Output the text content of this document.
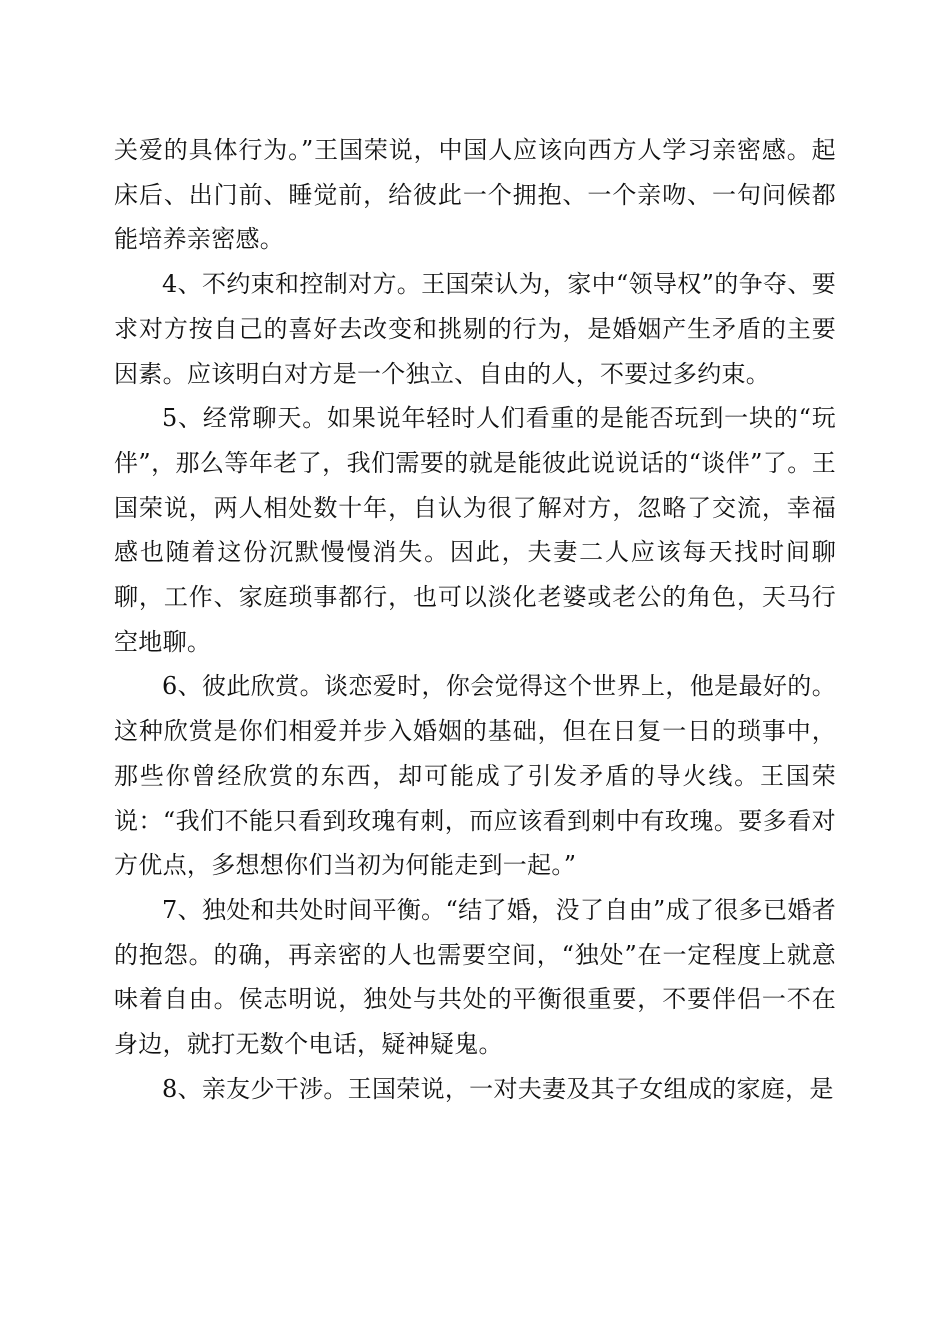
关爱的具体行为。”王国荣说，中国人应该向西方人学习亲密感。起床后、出门前、睡觉前，给彼此一个拥抱、一个亲吻、一句问候都能培养亲密感。

4、不约束和控制对方。王国荣认为，家中“领导权”的争夺、要求对方按自己的喜好去改变和挑剔的行为，是婚姻产生矛盾的主要因素。应该明白对方是一个独立、自由的人，不要过多约束。

5、经常聊天。如果说年轻时人们看重的是能否玩到一块的“玩伴”，那么等年老了，我们需要的就是能彼此说说话的“谈伴”了。王国荣说，两人相处数十年，自认为很了解对方，忽略了交流，幸福感也随着这份沉默慢慢消失。因此，夫妻二人应该每天找时间聊聊，工作、家庭琐事都行，也可以淡化老婆或老公的角色，天马行空地聊。

6、彼此欣赏。谈恋爱时，你会觉得这个世界上，他是最好的。这种欣赏是你们相爱并步入婚姻的基础，但在日复一日的琐事中，那些你曾经欣赏的东西，却可能成了引发矛盾的导火线。王国荣说：“我们不能只看到玫瑰有刺，而应该看到刺中有玫瑰。要多看对方优点，多想想你们当初为何能走到一起。”

7、独处和共处时间平衡。“结了婚，没了自由”成了很多已婚者的抱怨。的确，再亲密的人也需要空间，“独处”在一定程度上就意味着自由。侯志明说，独处与共处的平衡很重要，不要伴侣一不在身边，就打无数个电话，疑神疑鬼。

8、亲友少干涉。王国荣说，一对夫妻及其子女组成的家庭，是
